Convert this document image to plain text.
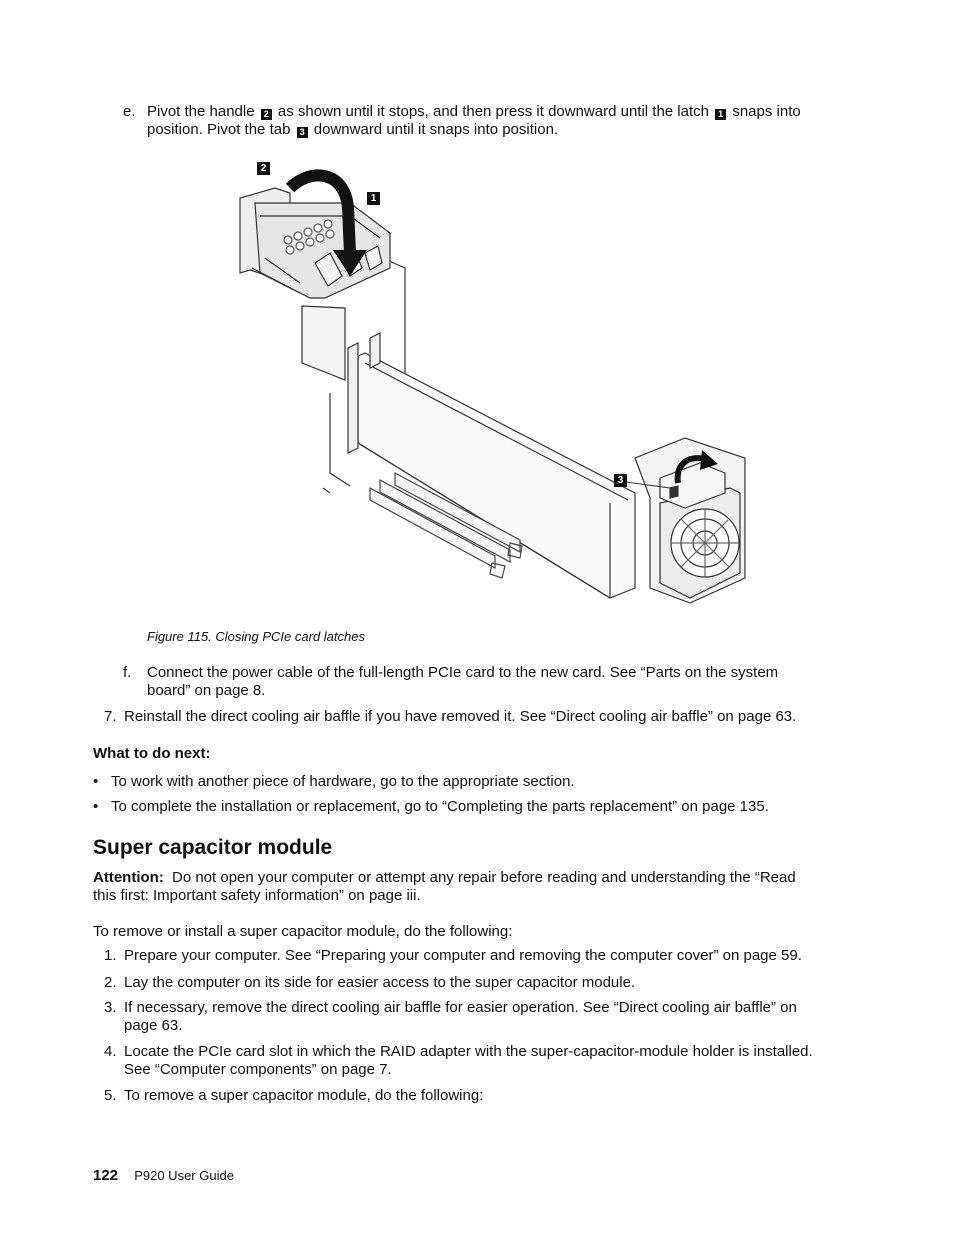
e. Pivot the handle 2 as shown until it stops, and then press it downward until the latch 1 snaps into
position. Pivot the tab 3 downward until it snaps into position.
2
1
3
Figure 115. Closing PCIe card latches
f. Connect the power cable of the full-length PCIe card to the new card. See “Parts on the system
board” on page 8.
7. Reinstall the direct cooling air baffle if you have removed it. See “Direct cooling air baffle” on page 63.
What to do next:
• To work with another piece of hardware, go to the appropriate section.
• To complete the installation or replacement, go to “Completing the parts replacement” on page 135.
Super capacitor module
Attention: Do not open your computer or attempt any repair before reading and understanding the “Read
this first: Important safety information” on page iii.
To remove or install a super capacitor module, do the following:
1. Prepare your computer. See “Preparing your computer and removing the computer cover” on page 59.
2. Lay the computer on its side for easier access to the super capacitor module.
3. If necessary, remove the direct cooling air baffle for easier operation. See “Direct cooling air baffle” on
page 63.
4. Locate the PCIe card slot in which the RAID adapter with the super-capacitor-module holder is installed.
See “Computer components” on page 7.
5. To remove a super capacitor module, do the following:
122 P920 User Guide
